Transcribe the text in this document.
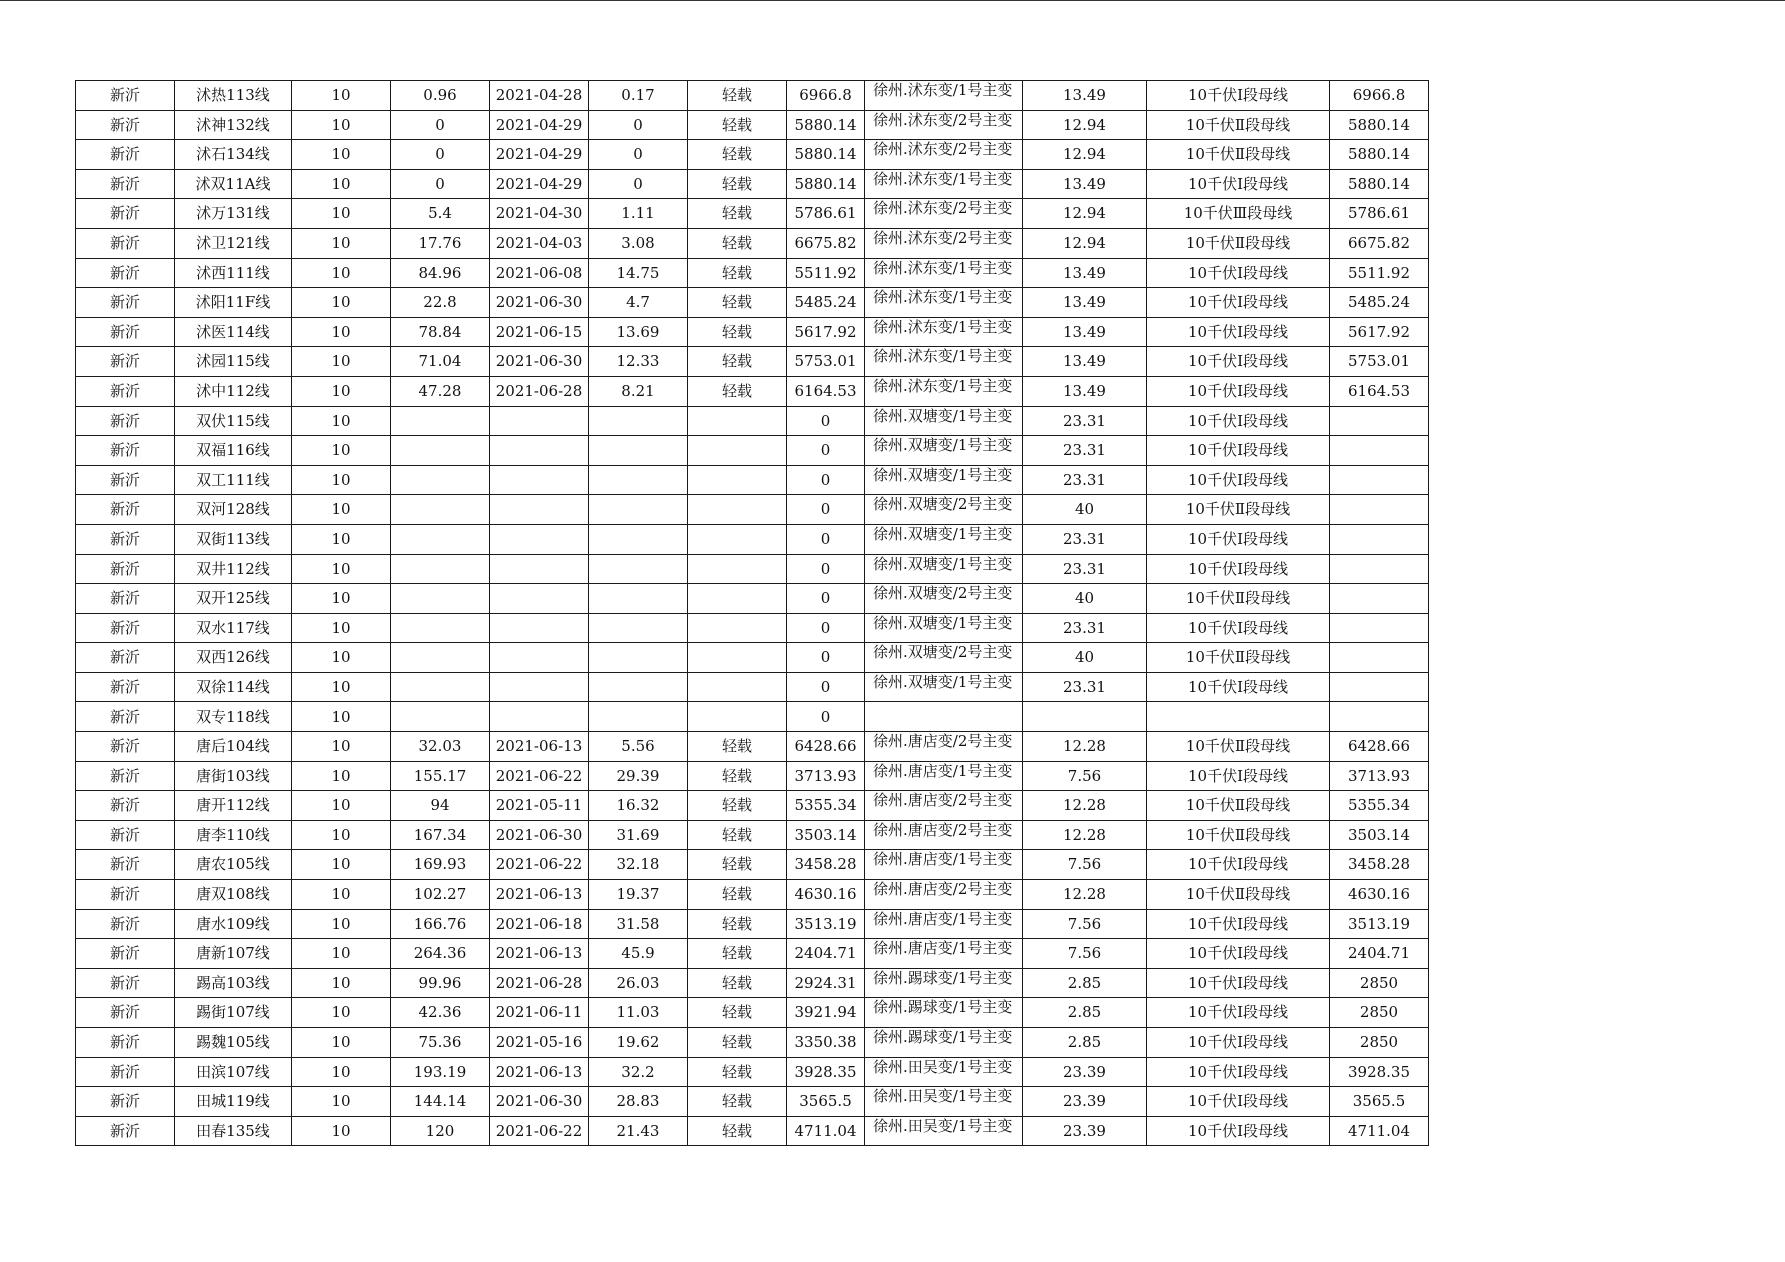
新沂	沭热113线	10	0.96	2021-04-28	0.17	轻载	6966.8	徐州.沭东变/1号主变	13.49	10千伏Ⅰ段母线	6966.8
新沂	沭神132线	10	0	2021-04-29	0	轻载	5880.14	徐州.沭东变/2号主变	12.94	10千伏Ⅱ段母线	5880.14
新沂	沭石134线	10	0	2021-04-29	0	轻载	5880.14	徐州.沭东变/2号主变	12.94	10千伏Ⅱ段母线	5880.14
新沂	沭双11A线	10	0	2021-04-29	0	轻载	5880.14	徐州.沭东变/1号主变	13.49	10千伏Ⅰ段母线	5880.14
新沂	沭万131线	10	5.4	2021-04-30	1.11	轻载	5786.61	徐州.沭东变/2号主变	12.94	10千伏Ⅲ段母线	5786.61
新沂	沭卫121线	10	17.76	2021-04-03	3.08	轻载	6675.82	徐州.沭东变/2号主变	12.94	10千伏Ⅱ段母线	6675.82
新沂	沭西111线	10	84.96	2021-06-08	14.75	轻载	5511.92	徐州.沭东变/1号主变	13.49	10千伏Ⅰ段母线	5511.92
新沂	沭阳11F线	10	22.8	2021-06-30	4.7	轻载	5485.24	徐州.沭东变/1号主变	13.49	10千伏Ⅰ段母线	5485.24
新沂	沭医114线	10	78.84	2021-06-15	13.69	轻载	5617.92	徐州.沭东变/1号主变	13.49	10千伏Ⅰ段母线	5617.92
新沂	沭园115线	10	71.04	2021-06-30	12.33	轻载	5753.01	徐州.沭东变/1号主变	13.49	10千伏Ⅰ段母线	5753.01
新沂	沭中112线	10	47.28	2021-06-28	8.21	轻载	6164.53	徐州.沭东变/1号主变	13.49	10千伏Ⅰ段母线	6164.53
新沂	双伏115线	10					0	徐州.双塘变/1号主变	23.31	10千伏Ⅰ段母线	
新沂	双福116线	10					0	徐州.双塘变/1号主变	23.31	10千伏Ⅰ段母线	
新沂	双工111线	10					0	徐州.双塘变/1号主变	23.31	10千伏Ⅰ段母线	
新沂	双河128线	10					0	徐州.双塘变/2号主变	40	10千伏Ⅱ段母线	
新沂	双街113线	10					0	徐州.双塘变/1号主变	23.31	10千伏Ⅰ段母线	
新沂	双井112线	10					0	徐州.双塘变/1号主变	23.31	10千伏Ⅰ段母线	
新沂	双开125线	10					0	徐州.双塘变/2号主变	40	10千伏Ⅱ段母线	
新沂	双水117线	10					0	徐州.双塘变/1号主变	23.31	10千伏Ⅰ段母线	
新沂	双西126线	10					0	徐州.双塘变/2号主变	40	10千伏Ⅱ段母线	
新沂	双徐114线	10					0	徐州.双塘变/1号主变	23.31	10千伏Ⅰ段母线	
新沂	双专118线	10					0	

新沂	唐后104线	10	32.03	2021-06-13	5.56	轻载	6428.66	徐州.唐店变/2号主变	12.28	10千伏Ⅱ段母线	6428.66
新沂	唐街103线	10	155.17	2021-06-22	29.39	轻载	3713.93	徐州.唐店变/1号主变	7.56	10千伏Ⅰ段母线	3713.93
新沂	唐开112线	10	94	2021-05-11	16.32	轻载	5355.34	徐州.唐店变/2号主变	12.28	10千伏Ⅱ段母线	5355.34
新沂	唐李110线	10	167.34	2021-06-30	31.69	轻载	3503.14	徐州.唐店变/2号主变	12.28	10千伏Ⅱ段母线	3503.14
新沂	唐农105线	10	169.93	2021-06-22	32.18	轻载	3458.28	徐州.唐店变/1号主变	7.56	10千伏Ⅰ段母线	3458.28
新沂	唐双108线	10	102.27	2021-06-13	19.37	轻载	4630.16	徐州.唐店变/2号主变	12.28	10千伏Ⅱ段母线	4630.16
新沂	唐水109线	10	166.76	2021-06-18	31.58	轻载	3513.19	徐州.唐店变/1号主变	7.56	10千伏Ⅰ段母线	3513.19
新沂	唐新107线	10	264.36	2021-06-13	45.9	轻载	2404.71	徐州.唐店变/1号主变	7.56	10千伏Ⅰ段母线	2404.71
新沂	踢高103线	10	99.96	2021-06-28	26.03	轻载	2924.31	徐州.踢球变/1号主变	2.85	10千伏Ⅰ段母线	2850
新沂	踢街107线	10	42.36	2021-06-11	11.03	轻载	3921.94	徐州.踢球变/1号主变	2.85	10千伏Ⅰ段母线	2850
新沂	踢魏105线	10	75.36	2021-05-16	19.62	轻载	3350.38	徐州.踢球变/1号主变	2.85	10千伏Ⅰ段母线	2850
新沂	田滨107线	10	193.19	2021-06-13	32.2	轻载	3928.35	徐州.田吴变/1号主变	23.39	10千伏Ⅰ段母线	3928.35
新沂	田城119线	10	144.14	2021-06-30	28.83	轻载	3565.5	徐州.田吴变/1号主变	23.39	10千伏Ⅰ段母线	3565.5
新沂	田春135线	10	120	2021-06-22	21.43	轻载	4711.04	徐州.田吴变/1号主变	23.39	10千伏Ⅰ段母线	4711.04
